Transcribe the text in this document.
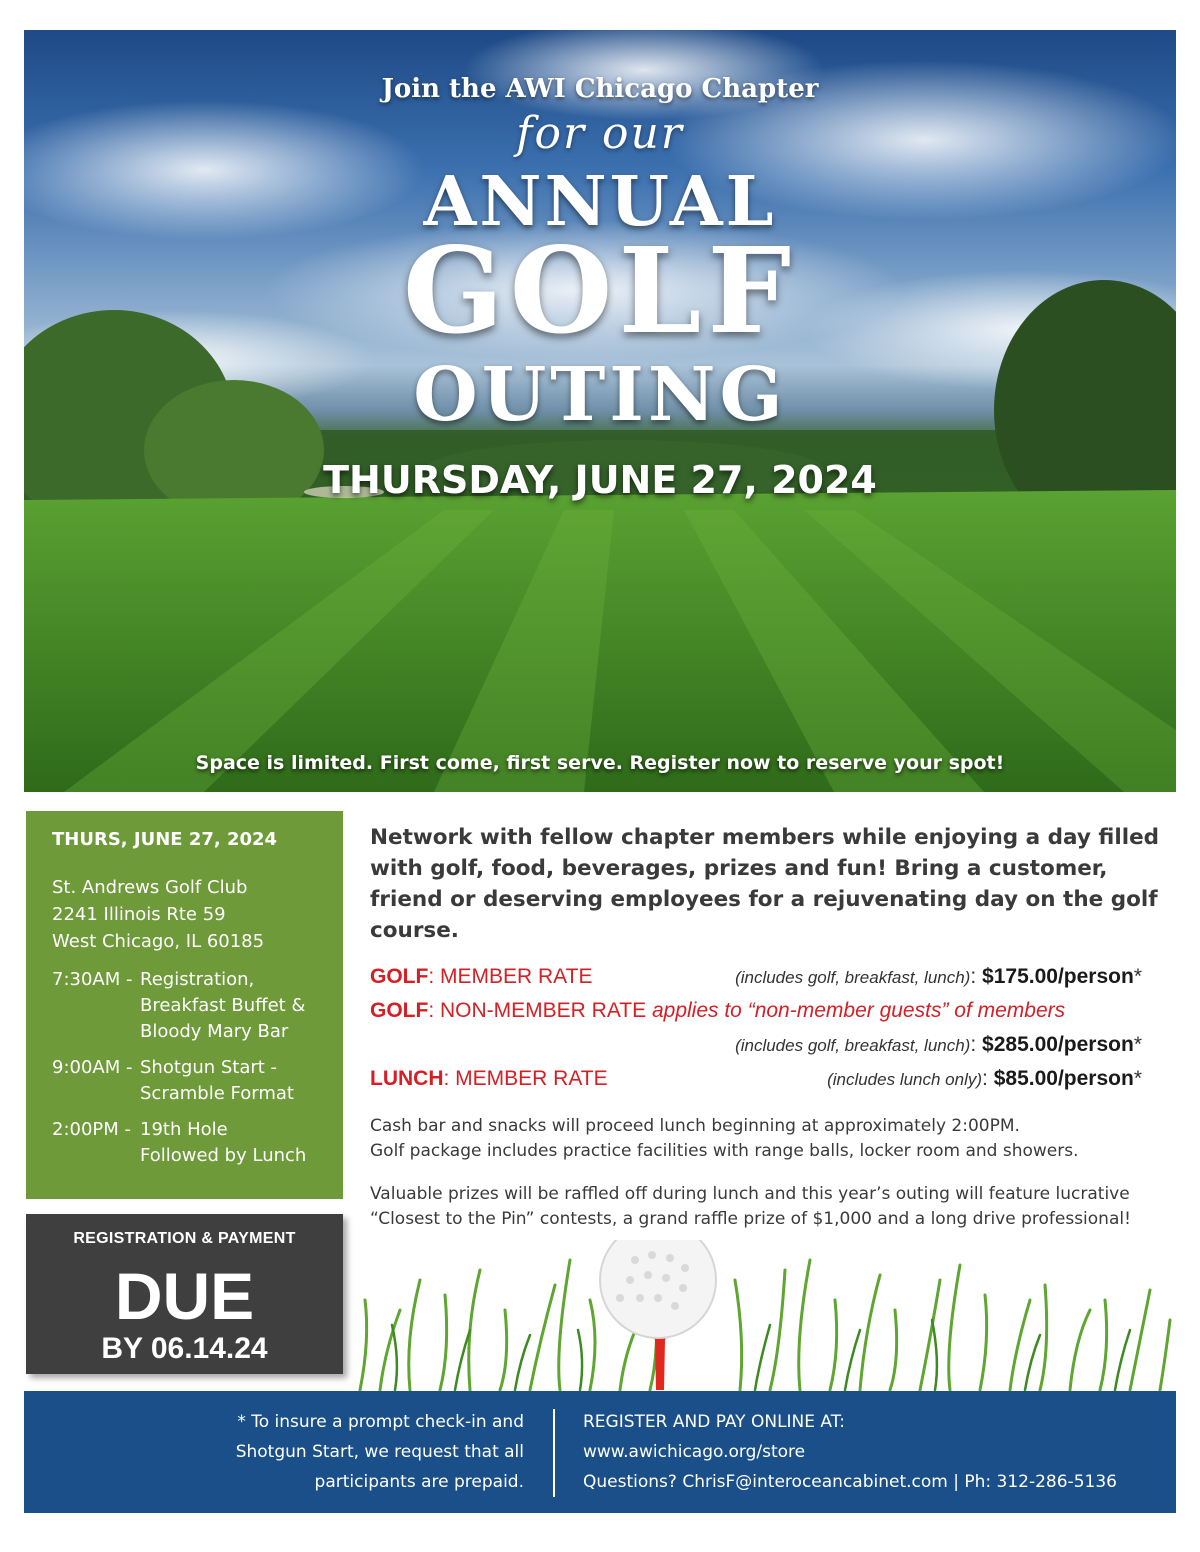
Join the AWI Chicago Chapter
for our
ANNUAL
GOLF
OUTING
THURSDAY, JUNE 27, 2024
Space is limited. First come, first serve. Register now to reserve your spot!
THURS, JUNE 27, 2024
St. Andrews Golf Club
2241 Illinois Rte 59
West Chicago, IL 60185
7:30AM - Registration,
Breakfast Buffet &
Bloody Mary Bar
9:00AM - Shotgun Start -
Scramble Format
2:00PM - 19th Hole
Followed by Lunch
REGISTRATION & PAYMENT
DUE
BY 06.14.24

Network with fellow chapter members while enjoying a day filled with golf, food, beverages, prizes and fun! Bring a customer, friend or deserving employees for a rejuvenating day on the golf course.

GOLF: MEMBER RATE	(includes golf, breakfast, lunch): $175.00/person*
GOLF: NON-MEMBER RATE applies to “non-member guests” of members
(includes golf, breakfast, lunch): $285.00/person*
LUNCH: MEMBER RATE	(includes lunch only): $85.00/person*

Cash bar and snacks will proceed lunch beginning at approximately 2:00PM.
Golf package includes practice facilities with range balls, locker room and showers.

Valuable prizes will be raffled off during lunch and this year’s outing will feature lucrative “Closest to the Pin” contests, a grand raffle prize of $1,000 and a long drive professional!

* To insure a prompt check-in and
Shotgun Start, we request that all
participants are prepaid.
REGISTER AND PAY ONLINE AT:
www.awichicago.org/store
Questions? ChrisF@interoceancabinet.com | Ph: 312-286-5136
